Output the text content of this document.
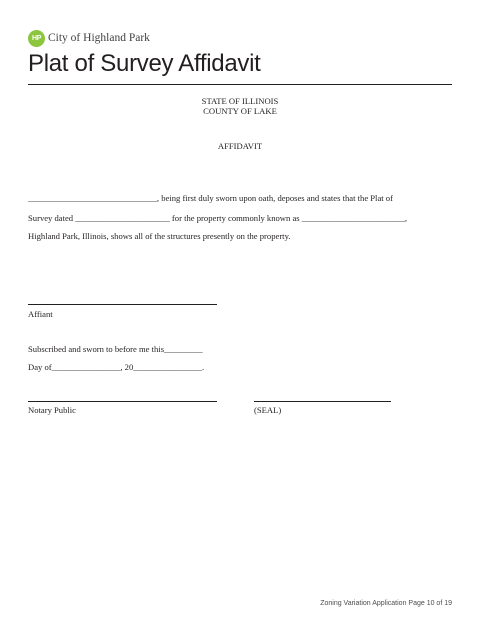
HP City of Highland Park
Plat of Survey Affidavit
STATE OF ILLINOIS
COUNTY OF LAKE
AFFIDAVIT
______________________________, being first duly sworn upon oath, deposes and states that the Plat of
Survey dated ______________________ for the property commonly known as ________________________,
Highland Park, Illinois, shows all of the structures presently on the property.
Affiant
Subscribed and sworn to before me this_________
Day of________________, 20________________.
Notary Public	(SEAL)
Zoning Variation Application Page 10 of 19
